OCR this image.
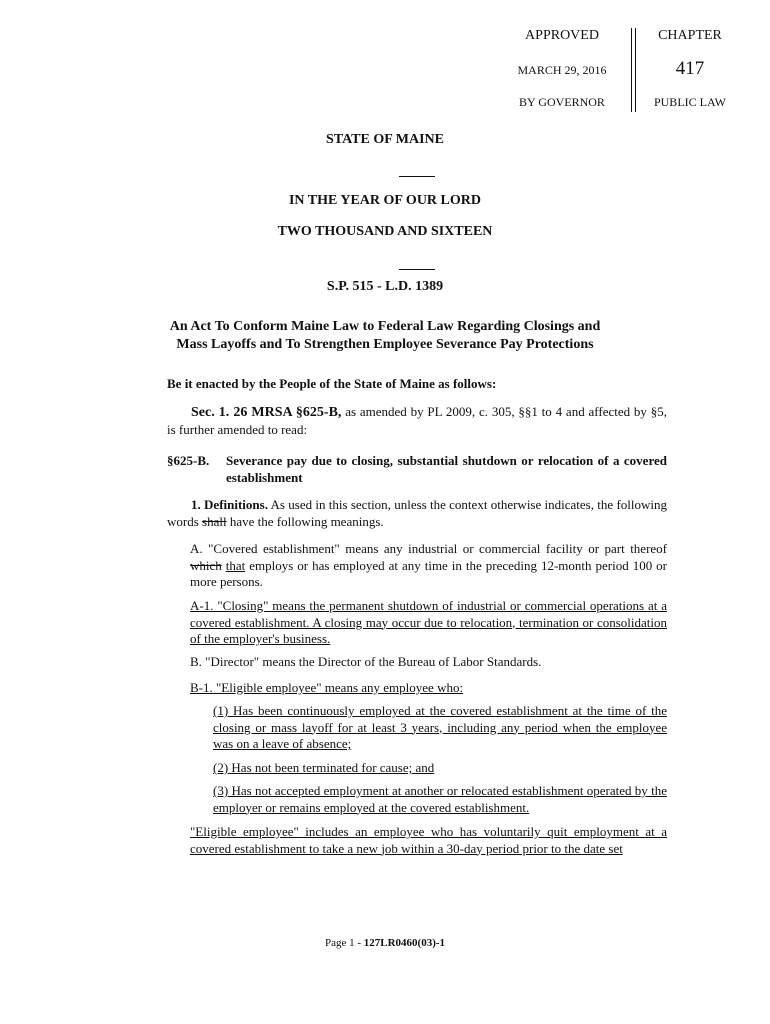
APPROVED
MARCH 29, 2016
BY GOVERNOR
CHAPTER
417
PUBLIC LAW
STATE OF MAINE
IN THE YEAR OF OUR LORD
TWO THOUSAND AND SIXTEEN
S.P. 515 - L.D. 1389
An Act To Conform Maine Law to Federal Law Regarding Closings and
Mass Layoffs and To Strengthen Employee Severance Pay Protections
Be it enacted by the People of the State of Maine as follows:
Sec. 1. 26 MRSA §625-B, as amended by PL 2009, c. 305, §§1 to 4 and affected by §5, is further amended to read:
§625-B.	Severance pay due to closing, substantial shutdown or relocation of a covered establishment
1. Definitions. As used in this section, unless the context otherwise indicates, the following words shall have the following meanings.
A. "Covered establishment" means any industrial or commercial facility or part thereof which that employs or has employed at any time in the preceding 12-month period 100 or more persons.
A-1. "Closing" means the permanent shutdown of industrial or commercial operations at a covered establishment. A closing may occur due to relocation, termination or consolidation of the employer's business.
B. "Director" means the Director of the Bureau of Labor Standards.
B-1. "Eligible employee" means any employee who:
(1) Has been continuously employed at the covered establishment at the time of the closing or mass layoff for at least 3 years, including any period when the employee was on a leave of absence;
(2) Has not been terminated for cause; and
(3) Has not accepted employment at another or relocated establishment operated by the employer or remains employed at the covered establishment.
"Eligible employee" includes an employee who has voluntarily quit employment at a covered establishment to take a new job within a 30-day period prior to the date set
Page 1 - 127LR0460(03)-1
